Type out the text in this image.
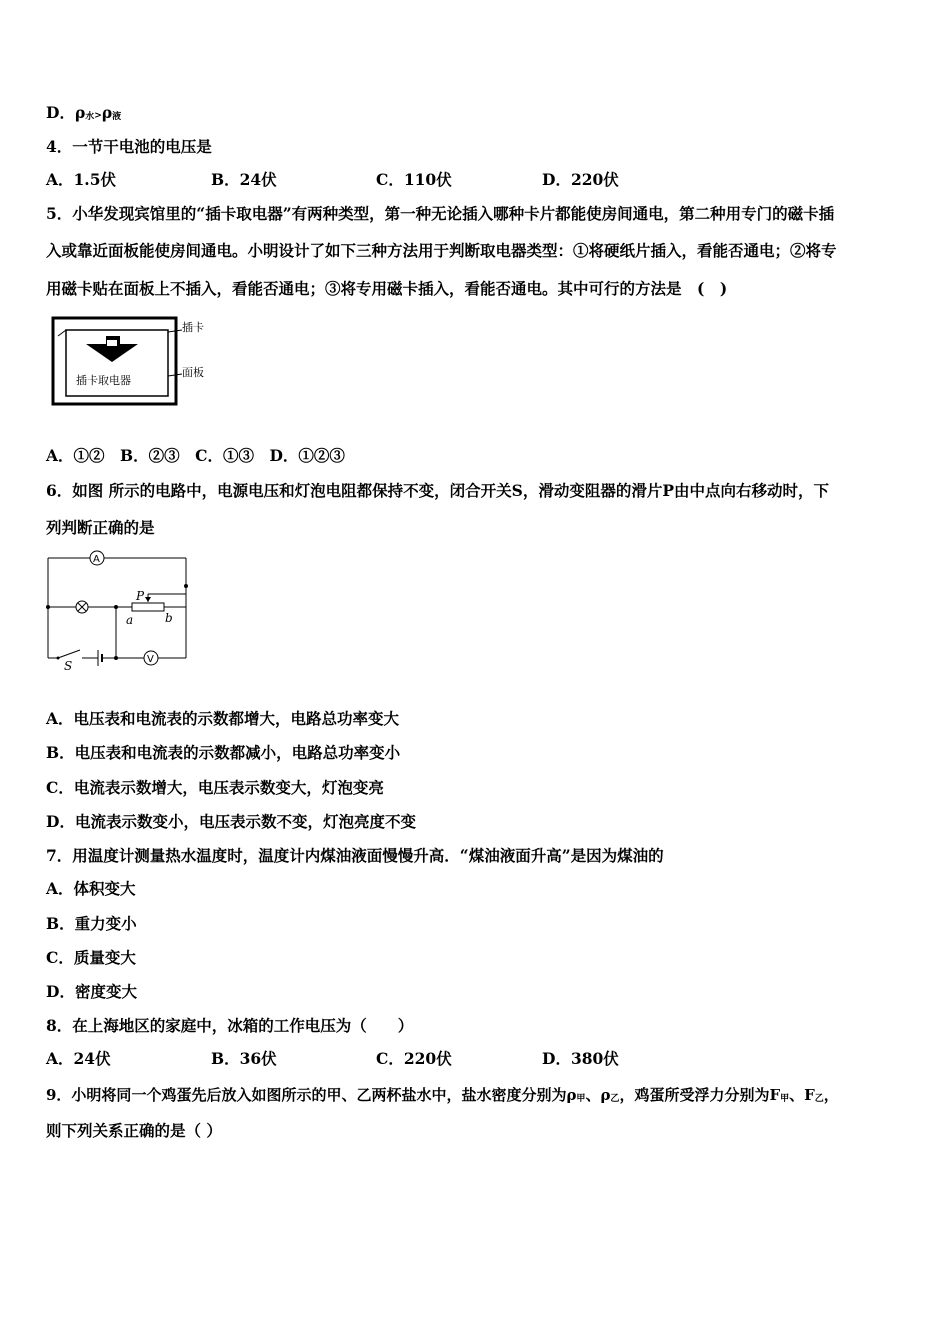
D．$\rho_水>\rho_液$
4．一节干电池的电压是
A．1.5伏	B．24伏	C．110伏	D．220伏
5．小华发现宾馆里的“插卡取电器”有两种类型，第一种无论插入哪种卡片都能使房间通电，第二种用专门的磁卡插
入或靠近面板能使房间通电。小明设计了如下三种方法用于判断取电器类型：①将硬纸片插入，看能否通电；②将专
用磁卡贴在面板上不插入，看能否通电；③将专用磁卡插入，看能否通电。其中可行的方法是　(　)
插卡取电器
插卡
面板
A．①②　B．②③　C．①③　D．①②③
6．如图 所示的电路中，电源电压和灯泡电阻都保持不变，闭合开关S，滑动变阻器的滑片P由中点向右移动时，下
列判断正确的是
A
V
P
a	b
S
A．电压表和电流表的示数都增大，电路总功率变大
B．电压表和电流表的示数都减小，电路总功率变小
C．电流表示数增大，电压表示数变大，灯泡变亮
D．电流表示数变小，电压表示数不变，灯泡亮度不变
7．用温度计测量热水温度时，温度计内煤油液面慢慢升高．“煤油液面升高”是因为煤油的
A．体积变大
B．重力变小
C．质量变大
D．密度变大
8．在上海地区的家庭中，冰箱的工作电压为（　　）
A．24伏	B．36伏	C．220伏	D．380伏
9．小明将同一个鸡蛋先后放入如图所示的甲、乙两杯盐水中，盐水密度分别为$\rho_甲$、$\rho_乙$，鸡蛋所受浮力分别为$F_甲$、$F_乙$，
则下列关系正确的是（ ）
